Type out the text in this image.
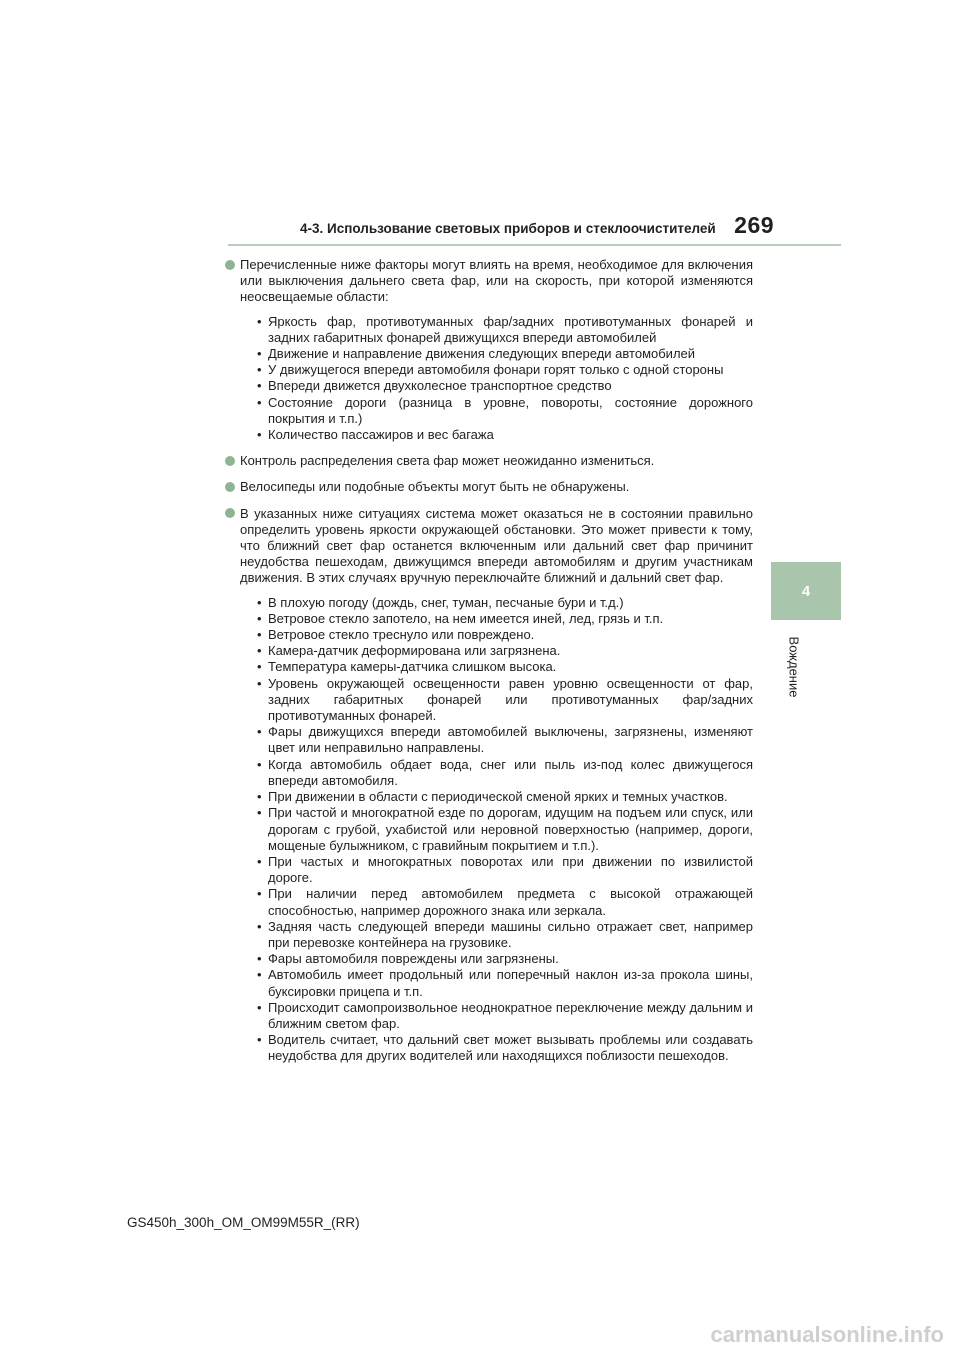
4-3. Использование световых приборов и стеклоочистителей 269
4
Вождение
Перечисленные ниже факторы могут влиять на время, необходимое для включения или выключения дальнего света фар, или на скорость, при которой изменяются неосвещаемые области:
• Яркость фар, противотуманных фар/задних противотуманных фонарей и задних габаритных фонарей движущихся впереди автомобилей
• Движение и направление движения следующих впереди автомобилей
• У движущегося впереди автомобиля фонари горят только с одной стороны
• Впереди движется двухколесное транспортное средство
• Состояние дороги (разница в уровне, повороты, состояние дорожного покрытия и т.п.)
• Количество пассажиров и вес багажа
Контроль распределения света фар может неожиданно измениться.
Велосипеды или подобные объекты могут быть не обнаружены.
В указанных ниже ситуациях система может оказаться не в состоянии правильно определить уровень яркости окружающей обстановки. Это может привести к тому, что ближний свет фар останется включенным или дальний свет фар причинит неудобства пешеходам, движущимся впереди автомобилям и другим участникам движения. В этих случаях вручную переключайте ближний и дальний свет фар.
• В плохую погоду (дождь, снег, туман, песчаные бури и т.д.)
• Ветровое стекло запотело, на нем имеется иней, лед, грязь и т.п.
• Ветровое стекло треснуло или повреждено.
• Камера-датчик деформирована или загрязнена.
• Температура камеры-датчика слишком высока.
• Уровень окружающей освещенности равен уровню освещенности от фар, задних габаритных фонарей или противотуманных фар/задних противотуманных фонарей.
• Фары движущихся впереди автомобилей выключены, загрязнены, изменяют цвет или неправильно направлены.
• Когда автомобиль обдает вода, снег или пыль из-под колес движущегося впереди автомобиля.
• При движении в области с периодической сменой ярких и темных участков.
• При частой и многократной езде по дорогам, идущим на подъем или спуск, или дорогам с грубой, ухабистой или неровной поверхностью (например, дороги, мощеные булыжником, с гравийным покрытием и т.п.).
• При частых и многократных поворотах или при движении по извилистой дороге.
• При наличии перед автомобилем предмета с высокой отражающей способностью, например дорожного знака или зеркала.
• Задняя часть следующей впереди машины сильно отражает свет, например при перевозке контейнера на грузовике.
• Фары автомобиля повреждены или загрязнены.
• Автомобиль имеет продольный или поперечный наклон из-за прокола шины, буксировки прицепа и т.п.
• Происходит самопроизвольное неоднократное переключение между дальним и ближним светом фар.
• Водитель считает, что дальний свет может вызывать проблемы или создавать неудобства для других водителей или находящихся поблизости пешеходов.
GS450h_300h_OM_OM99M55R_(RR)
carmanualsonline.info
